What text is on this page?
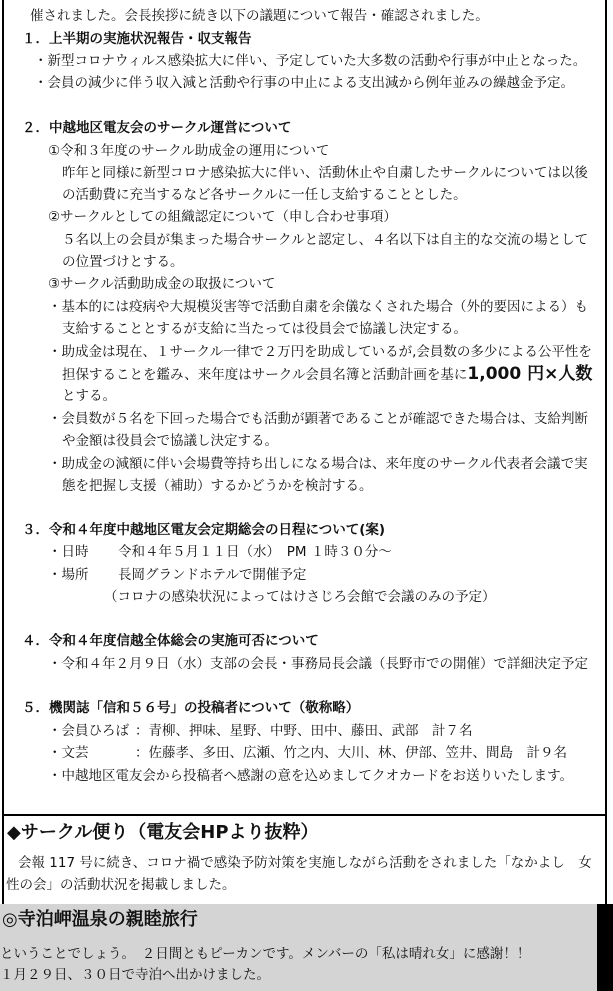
催されました。会長挨拶に続き以下の議題について報告・確認されました。
１．上半期の実施状況報告・収支報告
・新型コロナウィルス感染拡大に伴い、予定していた大多数の活動や行事が中止となった。
・会員の減少に伴う収入減と活動や行事の中止による支出減から例年並みの繰越金予定。
２．中越地区電友会のサークル運営について
①令和３年度のサークル助成金の運用について
昨年と同様に新型コロナ感染拡大に伴い、活動休止や自粛したサークルについては以後
の活動費に充当するなど各サークルに一任し支給することとした。
②サークルとしての組織認定について（申し合わせ事項）
５名以上の会員が集まった場合サークルと認定し、４名以下は自主的な交流の場として
の位置づけとする。
③サークル活動助成金の取扱について
・基本的には疫病や大規模災害等で活動自粛を余儀なくされた場合（外的要因による）も
支給することとするが支給に当たっては役員会で協議し決定する。
・助成金は現在、１サークル一律で２万円を助成しているが,会員数の多少による公平性を
担保することを鑑み、来年度はサークル会員名簿と活動計画を基に1,000 円×人数
とする。
・会員数が５名を下回った場合でも活動が顕著であることが確認できた場合は、支給判断
や金額は役員会で協議し決定する。
・助成金の減額に伴い会場費等持ち出しになる場合は、来年度のサークル代表者会議で実
態を把握し支援（補助）するかどうかを検討する。
３．令和４年度中越地区電友会定期総会の日程について(案)
・日時 令和４年５月１１日（水）　PM １時３０分～
・場所 長岡グランドホテルで開催予定
（コロナの感染状況によってはけさじろ会館で会議のみの予定）
４．令和４年度信越全体総会の実施可否について
・令和４年２月９日（水）支部の会長・事務局長会議（長野市での開催）で詳細決定予定
５．機関誌「信和５６号」の投稿者について（敬称略）
・会員ひろば ：青柳、押味、星野、中野、田中、藤田、武部　計７名
・文芸	：佐藤孝、多田、広瀬、竹之内、大川、林、伊部、笠井、間島　計９名
・中越地区電友会から投稿者へ感謝の意を込めましてクオカードをお送りいたします。
◆サークル便り（電友会HPより抜粋）
会報 117 号に続き、コロナ禍で感染予防対策を実施しながら活動をされました「なかよし　女
性の会」の活動状況を掲載しました。
◎寺泊岬温泉の親睦旅行
ということでしょう。　２日間ともピーカンです。メンバーの「私は晴れ女」に感謝！！
１月２９日、３０日で寺泊へ出かけました。
